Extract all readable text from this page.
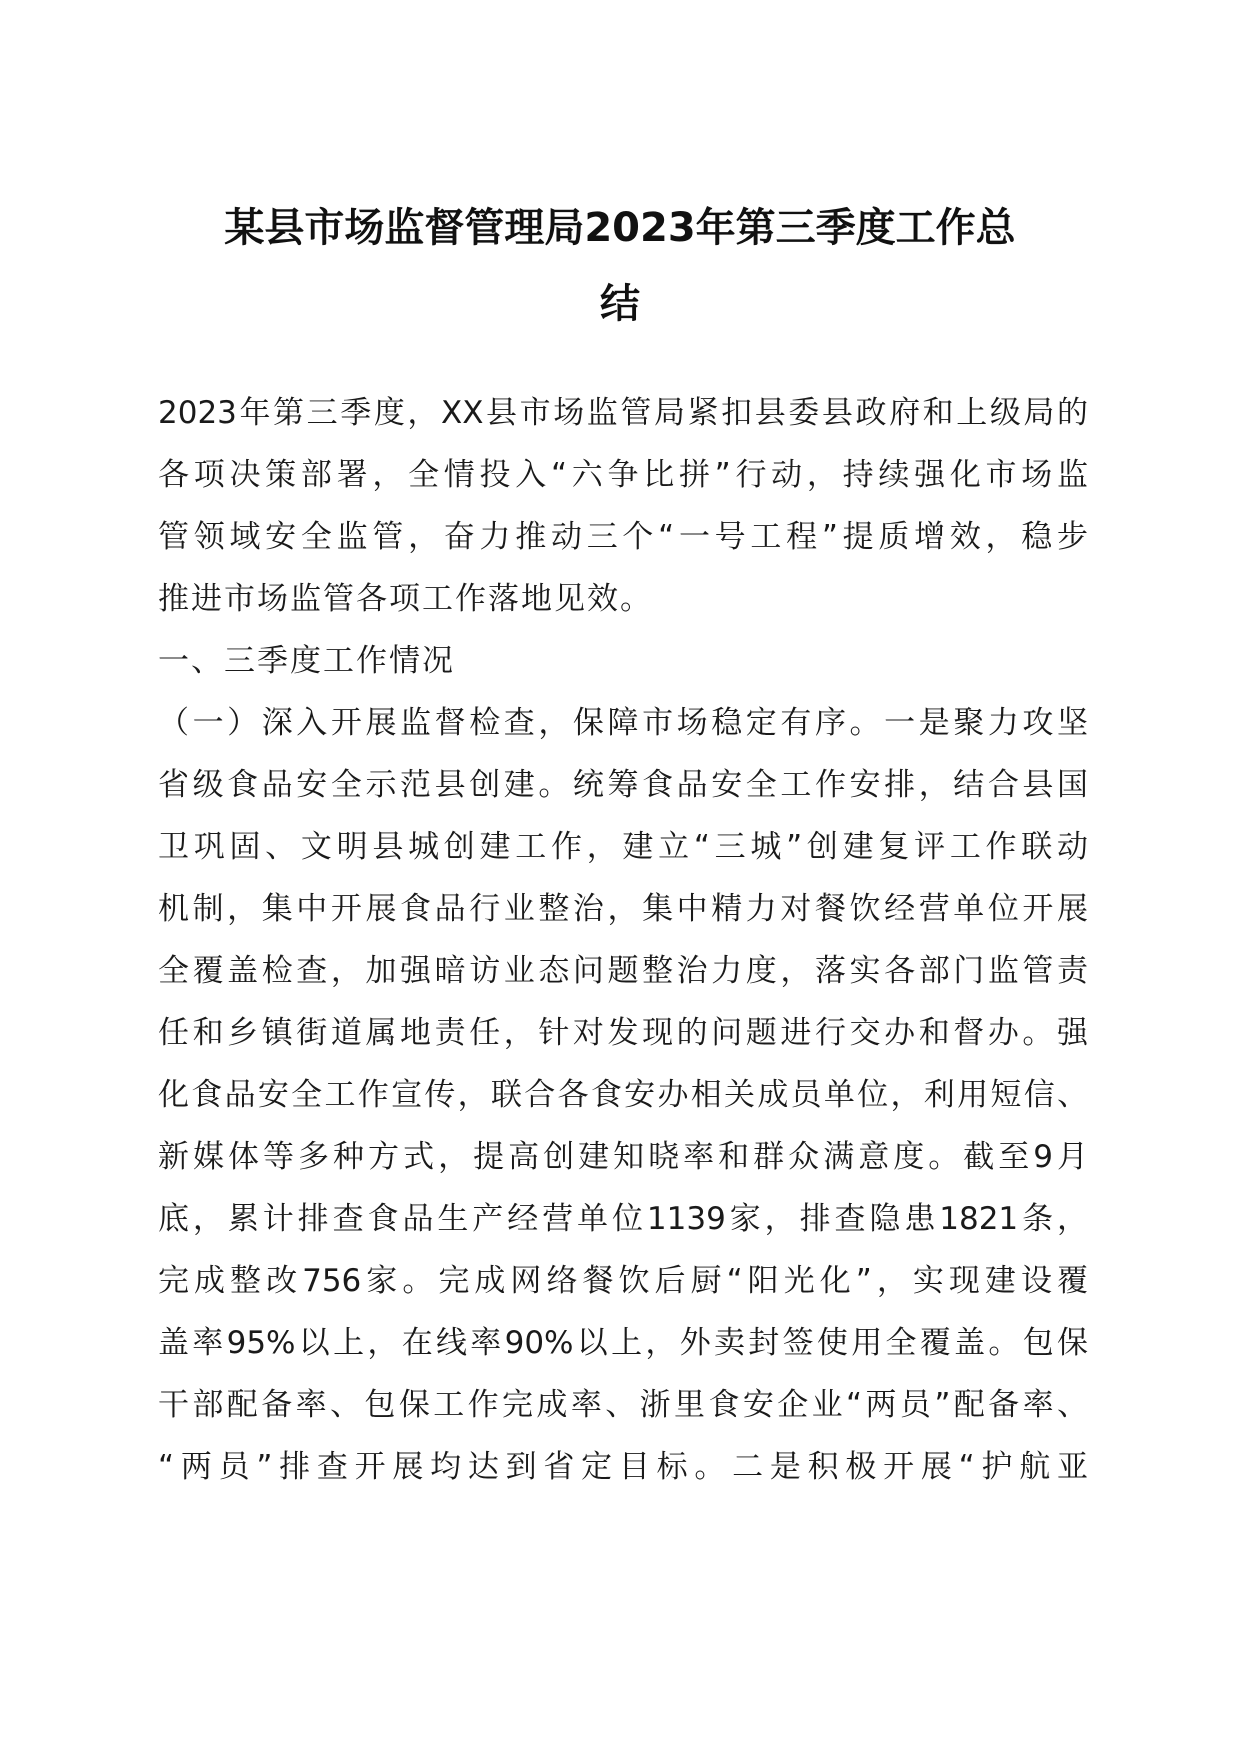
某县市场监督管理局2023年第三季度工作总
结
2023年第三季度，XX县市场监管局紧扣县委县政府和上级局的
各项决策部署，全情投入“六争比拼”行动，持续强化市场监
管领域安全监管，奋力推动三个“一号工程”提质增效，稳步
推进市场监管各项工作落地见效。
一、三季度工作情况
（一）深入开展监督检查，保障市场稳定有序。一是聚力攻坚
省级食品安全示范县创建。统筹食品安全工作安排，结合县国
卫巩固、文明县城创建工作，建立“三城”创建复评工作联动
机制，集中开展食品行业整治，集中精力对餐饮经营单位开展
全覆盖检查，加强暗访业态问题整治力度，落实各部门监管责
任和乡镇街道属地责任，针对发现的问题进行交办和督办。强
化食品安全工作宣传，联合各食安办相关成员单位，利用短信、
新媒体等多种方式，提高创建知晓率和群众满意度。截至9月
底，累计排查食品生产经营单位1139家，排查隐患1821条，
完成整改756家。完成网络餐饮后厨“阳光化”，实现建设覆
盖率95%以上，在线率90%以上，外卖封签使用全覆盖。包保
干部配备率、包保工作完成率、浙里食安企业“两员”配备率、
“两员”排查开展均达到省定目标。二是积极开展“护航亚
